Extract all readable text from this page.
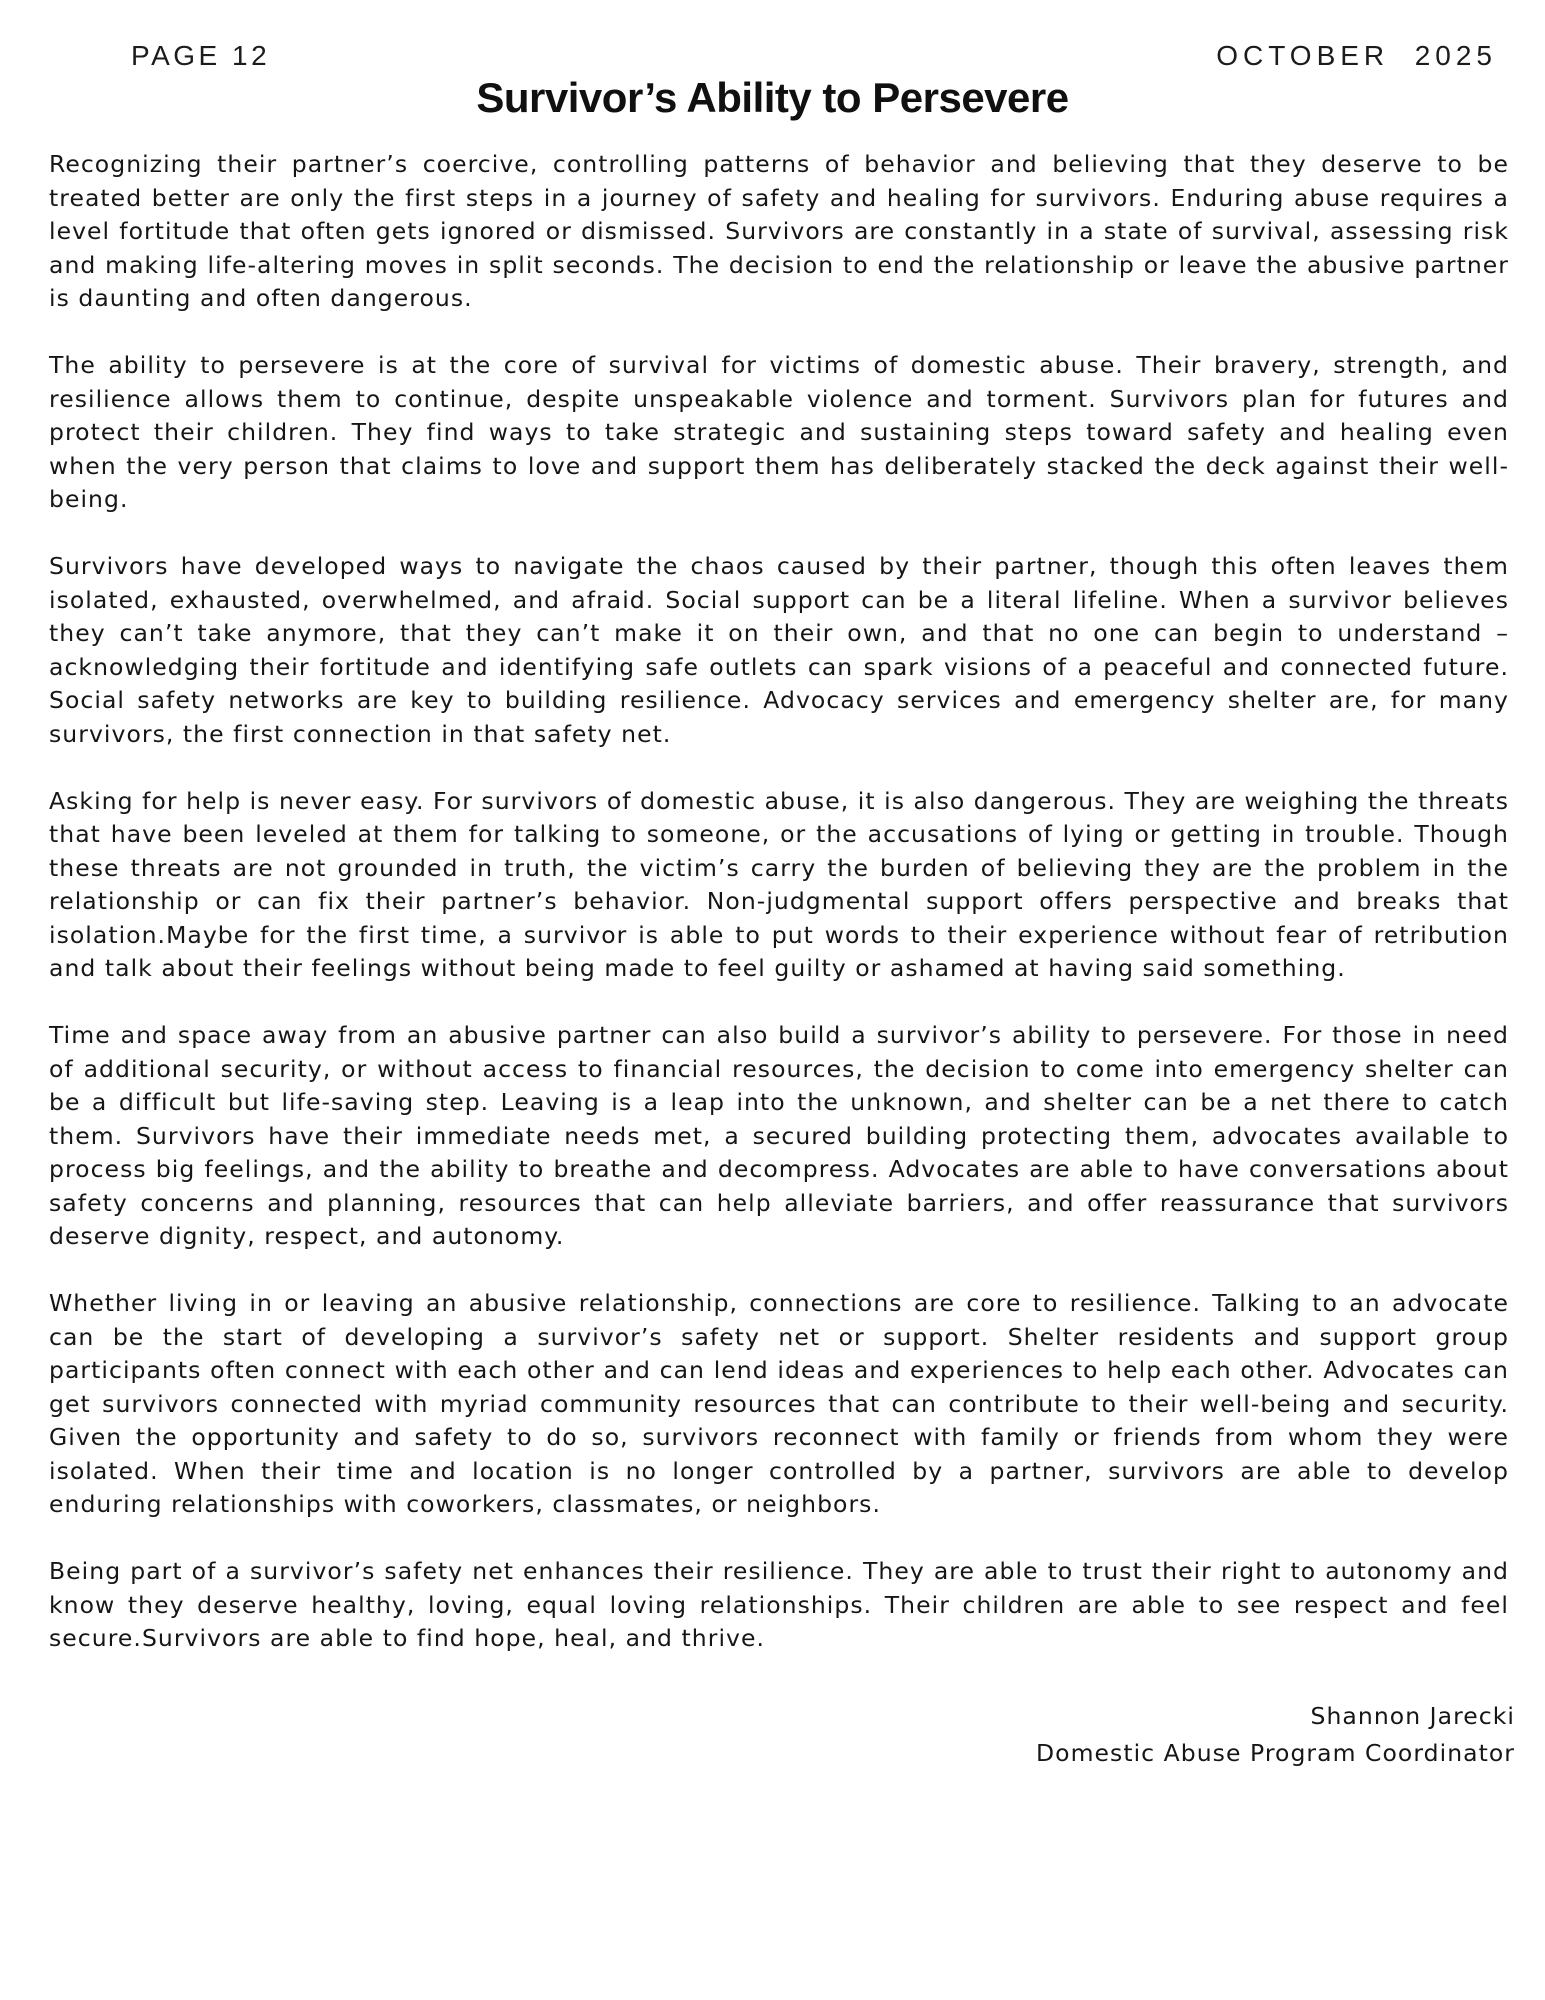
PAGE 12	OCTOBER  2025
Survivor’s Ability to Persevere

Recognizing their partner’s coercive, controlling patterns of behavior and believing that they deserve to be treated better are only the first steps in a journey of safety and healing for survivors. Enduring abuse requires a level fortitude that often gets ignored or dismissed. Survivors are constantly in a state of survival, assessing risk and making life-altering moves in split seconds. The decision to end the relationship or leave the abusive partner is daunting and often dangerous.

The ability to persevere is at the core of survival for victims of domestic abuse. Their bravery, strength, and resilience allows them to continue, despite unspeakable violence and torment. Survivors plan for futures and protect their children. They find ways to take strategic and sustaining steps toward safety and healing even when the very person that claims to love and support them has deliberately stacked the deck against their well-being.

Survivors have developed ways to navigate the chaos caused by their partner, though this often leaves them isolated, exhausted, overwhelmed, and afraid. Social support can be a literal lifeline. When a survivor believes they can’t take anymore, that they can’t make it on their own, and that no one can begin to understand – acknowledging their fortitude and identifying safe outlets can spark visions of a peaceful and connected future. Social safety networks are key to building resilience. Advocacy services and emergency shelter are, for many survivors, the first connection in that safety net.

Asking for help is never easy. For survivors of domestic abuse, it is also dangerous. They are weighing the threats that have been leveled at them for talking to someone, or the accusations of lying or getting in trouble. Though these threats are not grounded in truth, the victim’s carry the burden of believing they are the problem in the relationship or can fix their partner’s behavior. Non-judgmental support offers perspective and breaks that isolation.Maybe for the first time, a survivor is able to put words to their experience without fear of retribution and talk about their feelings without being made to feel guilty or ashamed at having said something.

Time and space away from an abusive partner can also build a survivor’s ability to persevere. For those in need of additional security, or without access to financial resources, the decision to come into emergency shelter can be a difficult but life-saving step. Leaving is a leap into the unknown, and shelter can be a net there to catch them. Survivors have their immediate needs met, a secured building protecting them, advocates available to process big feelings, and the ability to breathe and decompress. Advocates are able to have conversations about safety concerns and planning, resources that can help alleviate barriers, and offer reassurance that survivors deserve dignity, respect, and autonomy.

Whether living in or leaving an abusive relationship, connections are core to resilience. Talking to an advocate can be the start of developing a survivor’s safety net or support. Shelter residents and support group participants often connect with each other and can lend ideas and experiences to help each other. Advocates can get survivors connected with myriad community resources that can contribute to their well-being and security. Given the opportunity and safety to do so, survivors reconnect with family or friends from whom they were isolated. When their time and location is no longer controlled by a partner, survivors are able to develop enduring relationships with coworkers, classmates, or neighbors.

Being part of a survivor’s safety net enhances their resilience. They are able to trust their right to autonomy and know they deserve healthy, loving, equal loving relationships. Their children are able to see respect and feel secure.Survivors are able to find hope, heal, and thrive.

Shannon Jarecki
Domestic Abuse Program Coordinator
